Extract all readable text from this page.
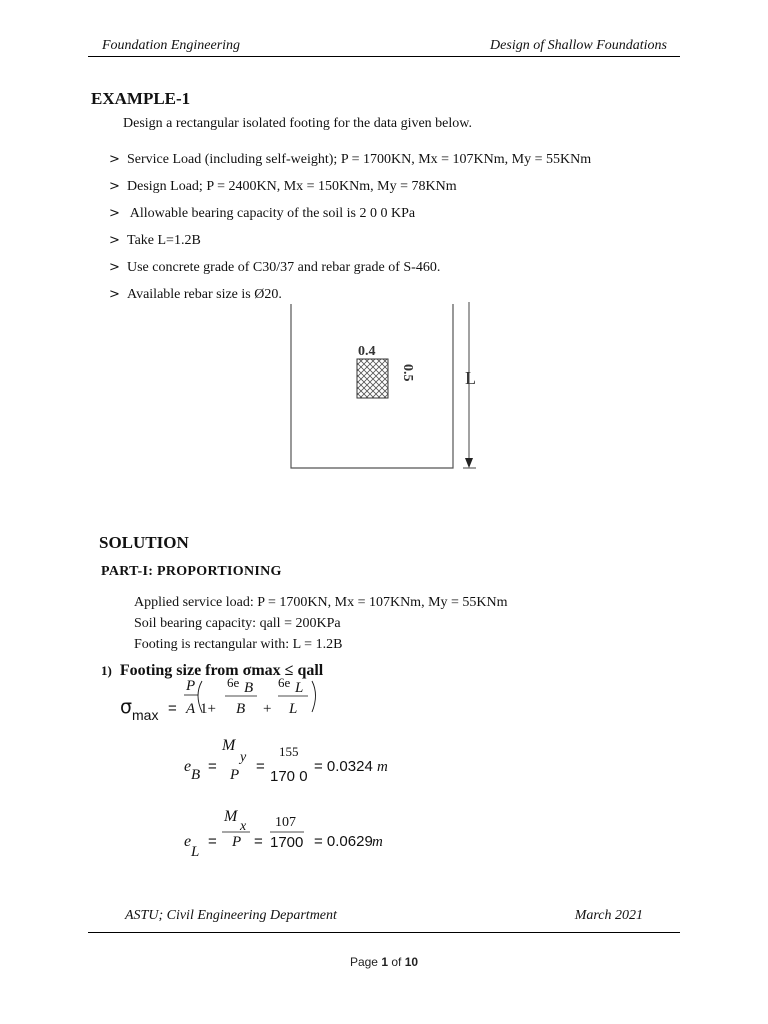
Foundation Engineering	Design of Shallow Foundations
EXAMPLE-1
Design a rectangular isolated footing for the data given below.
> Service Load (including self-weight); P = 1700KN, Mx = 107KNm, My = 55KNm
> Design Load; P = 2400KN, Mx = 150KNm, My = 78KNm
> Allowable bearing capacity of the soil is 2 0 0 KPa
> Take L=1.2B
> Use concrete grade of C30/37 and rebar grade of S-460.
> Available rebar size is Ø20.
0.4
0.5	L
SOLUTION
PART-I: PROPORTIONING
Applied service load: P = 1700KN, Mx = 107KNm, My = 55KNm
Soil bearing capacity: qall = 200KPa
Footing is rectangular with: L = 1.2B
1) Footing size from σmax ≤ qall
σ max =
P
A 1+
6e B
B +
6e L
L
e B =
M
y
P =
155
170 0
= 0.0324 m
e
L
=
M
x
P =
107
1700 = 0.0629 m
ASTU; Civil Engineering Department	March 2021
Page 1 of 10
